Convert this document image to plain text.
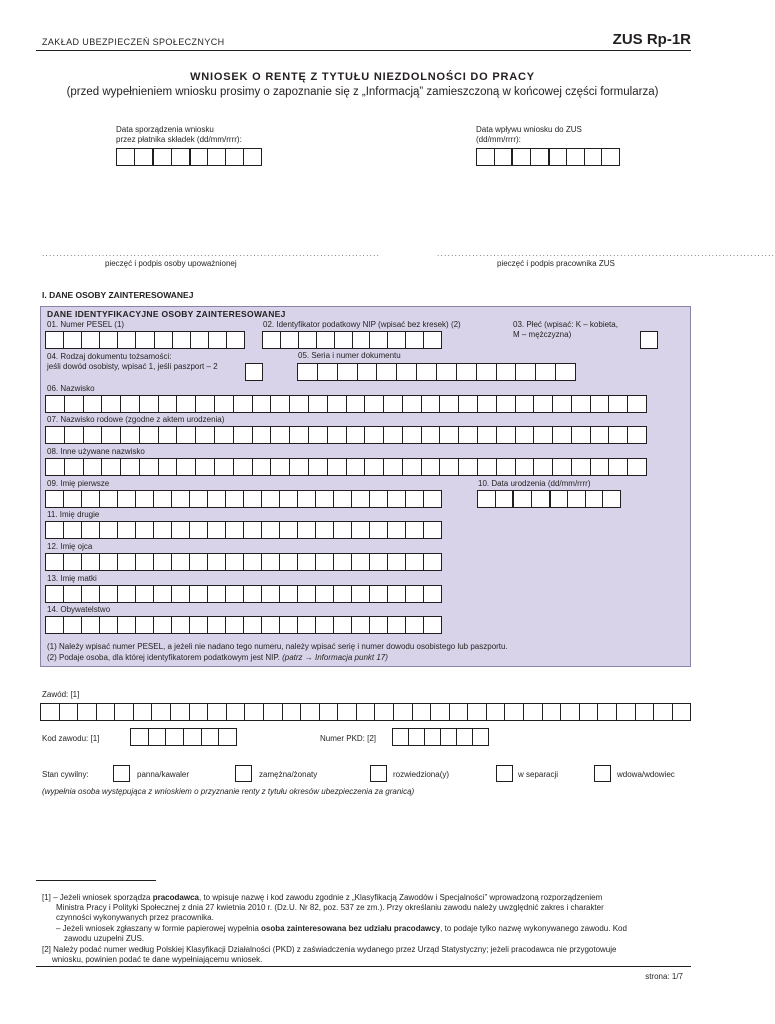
ZAKŁAD UBEZPIECZEŃ SPOŁECZNYCH	ZUS Rp-1R
WNIOSEK O RENTĘ Z TYTUŁU NIEZDOLNOŚCI DO PRACY
(przed wypełnieniem wniosku prosimy o zapoznanie się z „Informacją” zamieszczoną w końcowej części formularza)
Data sporządzenia wniosku
przez płatnika składek (dd/mm/rrrr):
Data wpływu wniosku do ZUS
(dd/mm/rrrr):
................................................................................................	................................................................................................
pieczęć i podpis osoby upoważnionej	pieczęć i podpis pracownika ZUS
I. DANE OSOBY ZAINTERESOWANEJ
DANE IDENTYFIKACYJNE OSOBY ZAINTERESOWANEJ
01. Numer PESEL (1)	02. Identyfikator podatkowy NIP (wpisać bez kresek) (2)	03. Płeć (wpisać: K – kobieta,
M – mężczyzna)
04. Rodzaj dokumentu tożsamości:
jeśli dowód osobisty, wpisać 1, jeśli paszport – 2
05. Seria i numer dokumentu
06. Nazwisko
07. Nazwisko rodowe (zgodne z aktem urodzenia)
08. Inne używane nazwisko
09. Imię pierwsze	10. Data urodzenia (dd/mm/rrrr)
11. Imię drugie
12. Imię ojca
13. Imię matki
14. Obywatelstwo
(1) Należy wpisać numer PESEL, a jeżeli nie nadano tego numeru, należy wpisać serię i numer dowodu osobistego lub paszportu.
(2) Podaje osoba, dla której identyfikatorem podatkowym jest NIP. (patrz → Informacja punkt 17)
Zawód: [1]
Kod zawodu: [1]	Numer PKD: [2]
Stan cywilny:	panna/kawaler	zamężna/żonaty	rozwiedziona(y)	w separacji	wdowa/wdowiec
(wypełnia osoba występująca z wnioskiem o przyznanie renty z tytułu okresów ubezpieczenia za granicą)
[1] – Jeżeli wniosek sporządza pracodawca, to wpisuje nazwę i kod zawodu zgodnie z „Klasyfikacją Zawodów i Specjalności” wprowadzoną rozporządzeniem
Ministra Pracy i Polityki Społecznej z dnia 27 kwietnia 2010 r. (Dz.U. Nr 82, poz. 537 ze zm.). Przy określaniu zawodu należy uwzględnić zakres i charakter
czynności wykonywanych przez pracownika.
– Jeżeli wniosek zgłaszany w formie papierowej wypełnia osoba zainteresowana bez udziału pracodawcy, to podaje tylko nazwę wykonywanego zawodu. Kod
zawodu uzupełni ZUS.
[2] Należy podać numer według Polskiej Klasyfikacji Działalności (PKD) z zaświadczenia wydanego przez Urząd Statystyczny; jeżeli pracodawca nie przygotowuje
wniosku, powinien podać te dane wypełniającemu wniosek.
strona: 1/7
